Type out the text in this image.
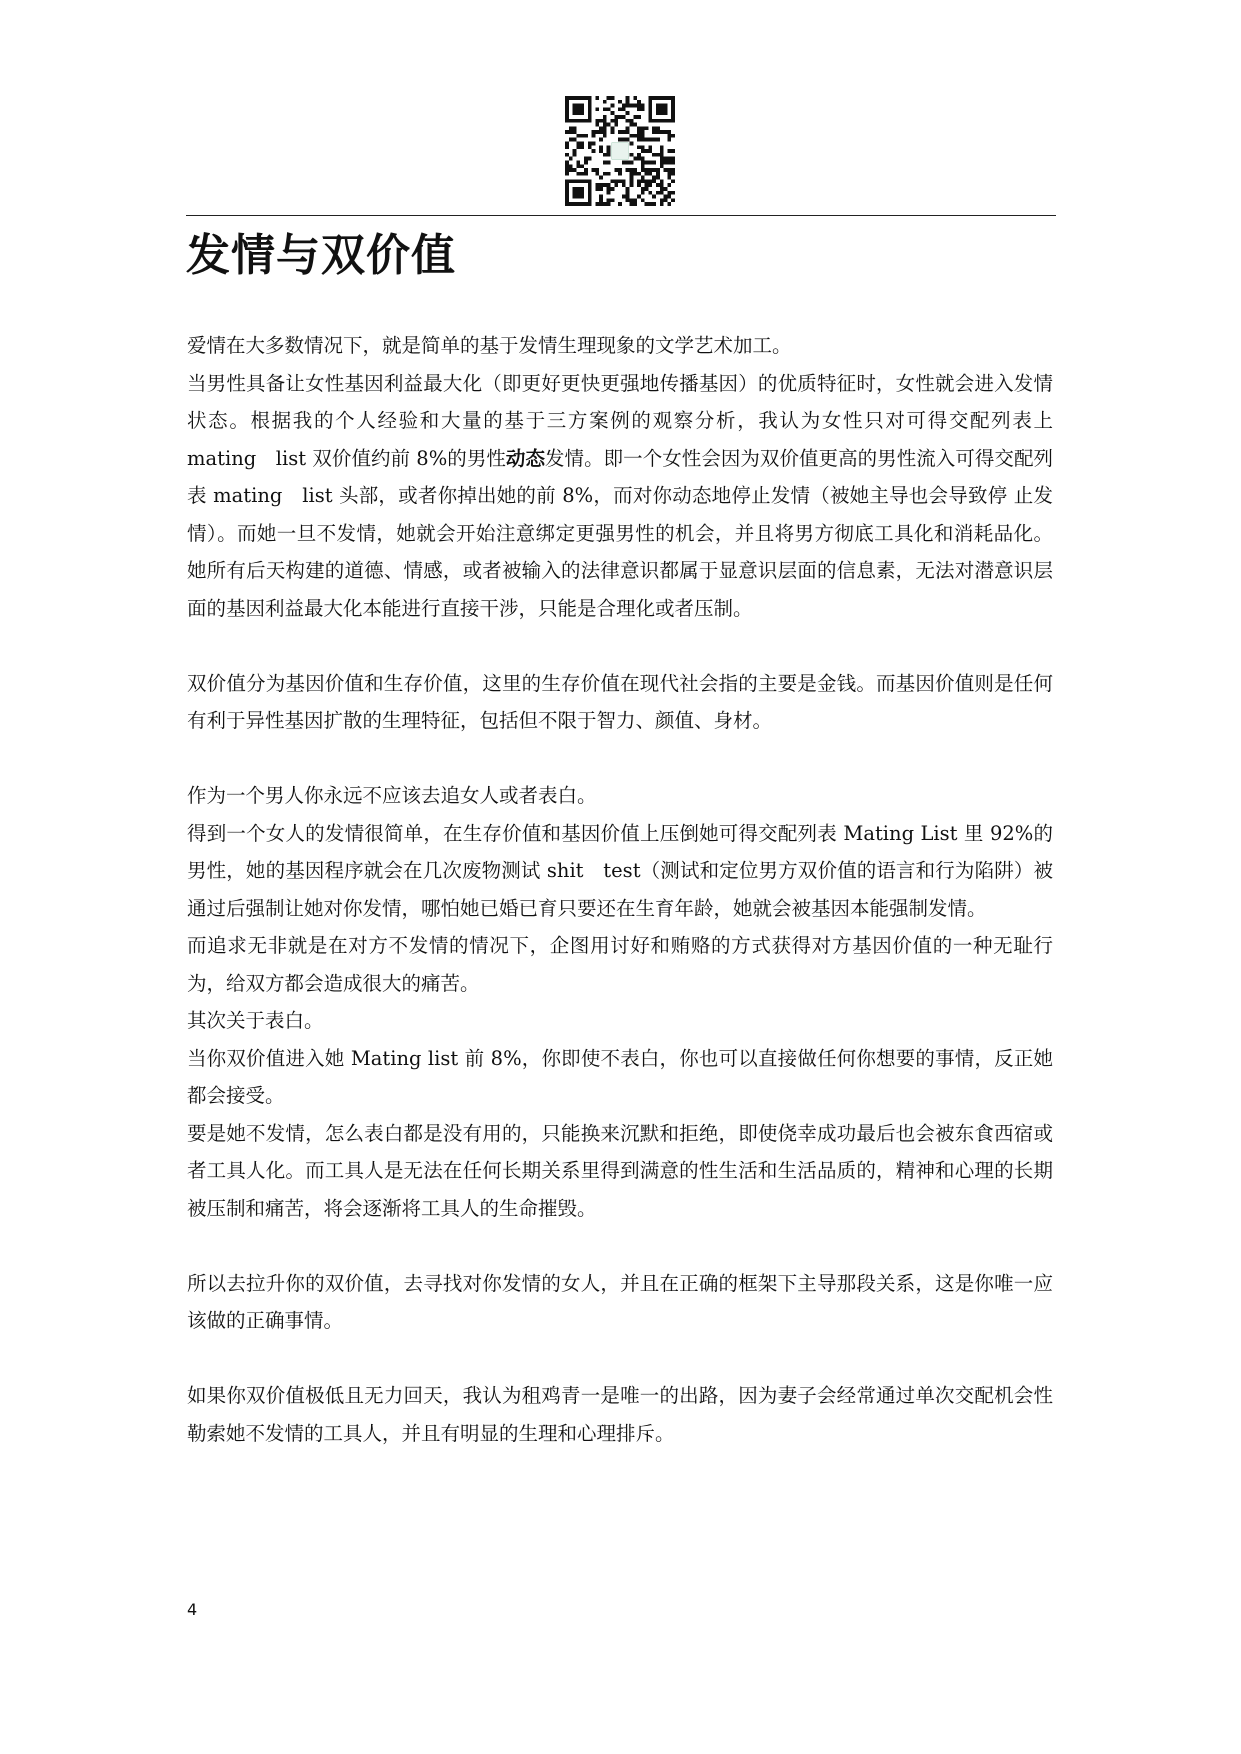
发情与双价值

爱情在大多数情况下，就是简单的基于发情生理现象的文学艺术加工。

当男性具备让女性基因利益最大化（即更好更快更强地传播基因）的优质特征时，女性就会进入发情状态。根据我的个人经验和大量的基于三方案例的观察分析，我认为女性只对可得交配列表上 mating　list 双价值约前 8%的男性动态发情。即一个女性会因为双价值更高的男性流入可得交配列表 mating　list 头部，或者你掉出她的前 8%，而对你动态地停止发情（被她主导也会导致停 止发情）。而她一旦不发情，她就会开始注意绑定更强男性的机会，并且将男方彻底工具化和消耗品化。她所有后天构建的道德、情感，或者被输入的法律意识都属于显意识层面的信息素，无法对潜意识层面的基因利益最大化本能进行直接干涉，只能是合理化或者压制。

双价值分为基因价值和生存价值，这里的生存价值在现代社会指的主要是金钱。而基因价值则是任何有利于异性基因扩散的生理特征，包括但不限于智力、颜值、身材。

作为一个男人你永远不应该去追女人或者表白。

得到一个女人的发情很简单，在生存价值和基因价值上压倒她可得交配列表 Mating List 里 92%的男性，她的基因程序就会在几次废物测试 shit　test（测试和定位男方双价值的语言和行为陷阱）被通过后强制让她对你发情，哪怕她已婚已育只要还在生育年龄，她就会被基因本能强制发情。

而追求无非就是在对方不发情的情况下，企图用讨好和贿赂的方式获得对方基因价值的一种无耻行为，给双方都会造成很大的痛苦。

其次关于表白。

当你双价值进入她 Mating list 前 8%，你即使不表白，你也可以直接做任何你想要的事情，反正她都会接受。

要是她不发情，怎么表白都是没有用的，只能换来沉默和拒绝，即使侥幸成功最后也会被东食西宿或者工具人化。而工具人是无法在任何长期关系里得到满意的性生活和生活品质的，精神和心理的长期被压制和痛苦，将会逐渐将工具人的生命摧毁。

所以去拉升你的双价值，去寻找对你发情的女人，并且在正确的框架下主导那段关系，这是你唯一应该做的正确事情。

如果你双价值极低且无力回天，我认为租鸡青一是唯一的出路，因为妻子会经常通过单次交配机会性勒索她不发情的工具人，并且有明显的生理和心理排斥。

4
